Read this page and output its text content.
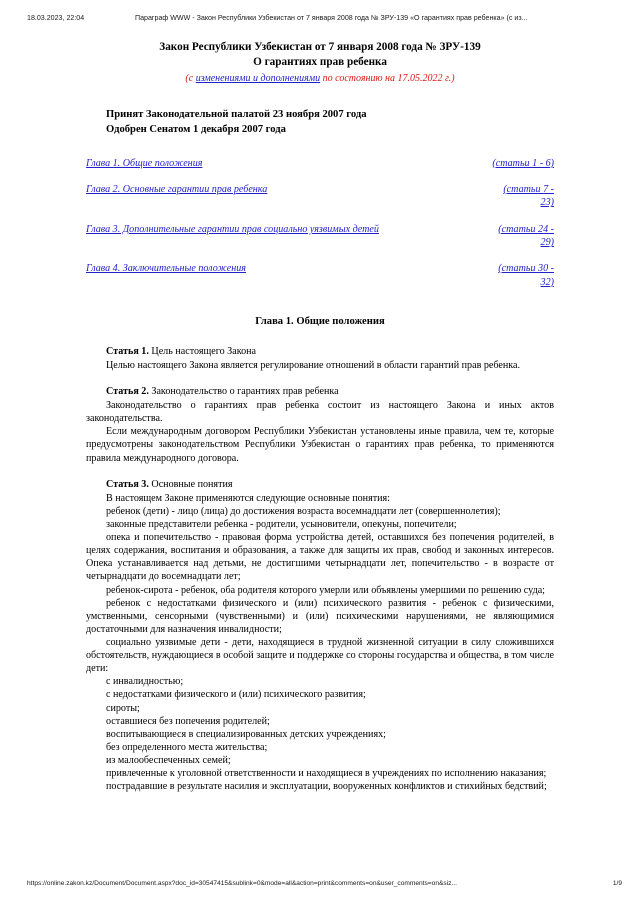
18.03.2023, 22:04	Параграф WWW - Закон Республики Узбекистан от 7 января 2008 года № ЗРУ-139 «О гарантиях прав ребенка» (с из...
Закон Республики Узбекистан от 7 января 2008 года № ЗРУ-139
О гарантиях прав ребенка
(с изменениями и дополнениями по состоянию на 17.05.2022 г.)
Принят Законодательной палатой 23 ноября 2007 года
Одобрен Сенатом 1 декабря 2007 года
Глава 1. Общие положения	(статьи 1 - 6)
Глава 2. Основные гарантии прав ребенка	(статьи 7 - 23)
Глава 3. Дополнительные гарантии прав социально уязвимых детей	(статьи 24 - 29)
Глава 4. Заключительные положения	(статьи 30 - 32)
Глава 1. Общие положения
Статья 1. Цель настоящего Закона

Целью настоящего Закона является регулирование отношений в области гарантий прав ребенка.

Статья 2. Законодательство о гарантиях прав ребенка

Законодательство о гарантиях прав ребенка состоит из настоящего Закона и иных актов законодательства.

Если международным договором Республики Узбекистан установлены иные правила, чем те, которые предусмотрены законодательством Республики Узбекистан о гарантиях прав ребенка, то применяются правила международного договора.

Статья 3. Основные понятия

В настоящем Законе применяются следующие основные понятия:

ребенок (дети) - лицо (лица) до достижения возраста восемнадцати лет (совершеннолетия);

законные представители ребенка - родители, усыновители, опекуны, попечители;

опека и попечительство - правовая форма устройства детей, оставшихся без попечения родителей, в целях содержания, воспитания и образования, а также для защиты их прав, свобод и законных интересов. Опека устанавливается над детьми, не достигшими четырнадцати лет, попечительство - в возрасте от четырнадцати до восемнадцати лет;

ребенок-сирота - ребенок, оба родителя которого умерли или объявлены умершими по решению суда;

ребенок с недостатками физического и (или) психического развития - ребенок с физическими, умственными, сенсорными (чувственными) и (или) психическими нарушениями, не являющимися достаточными для назначения инвалидности;

социально уязвимые дети - дети, находящиеся в трудной жизненной ситуации в силу сложившихся обстоятельств, нуждающиеся в особой защите и поддержке со стороны государства и общества, в том числе дети:

с инвалидностью;

с недостатками физического и (или) психического развития;

сироты;

оставшиеся без попечения родителей;

воспитывающиеся в специализированных детских учреждениях;

без определенного места жительства;

из малообеспеченных семей;

привлеченные к уголовной ответственности и находящиеся в учреждениях по исполнению наказания;

пострадавшие в результате насилия и эксплуатации, вооруженных конфликтов и стихийных бедствий;

https://online.zakon.kz/Document/Document.aspx?doc_id=30547415&sublink=0&mode=all&action=print&comments=on&user_comments=on&siz...	1/9
